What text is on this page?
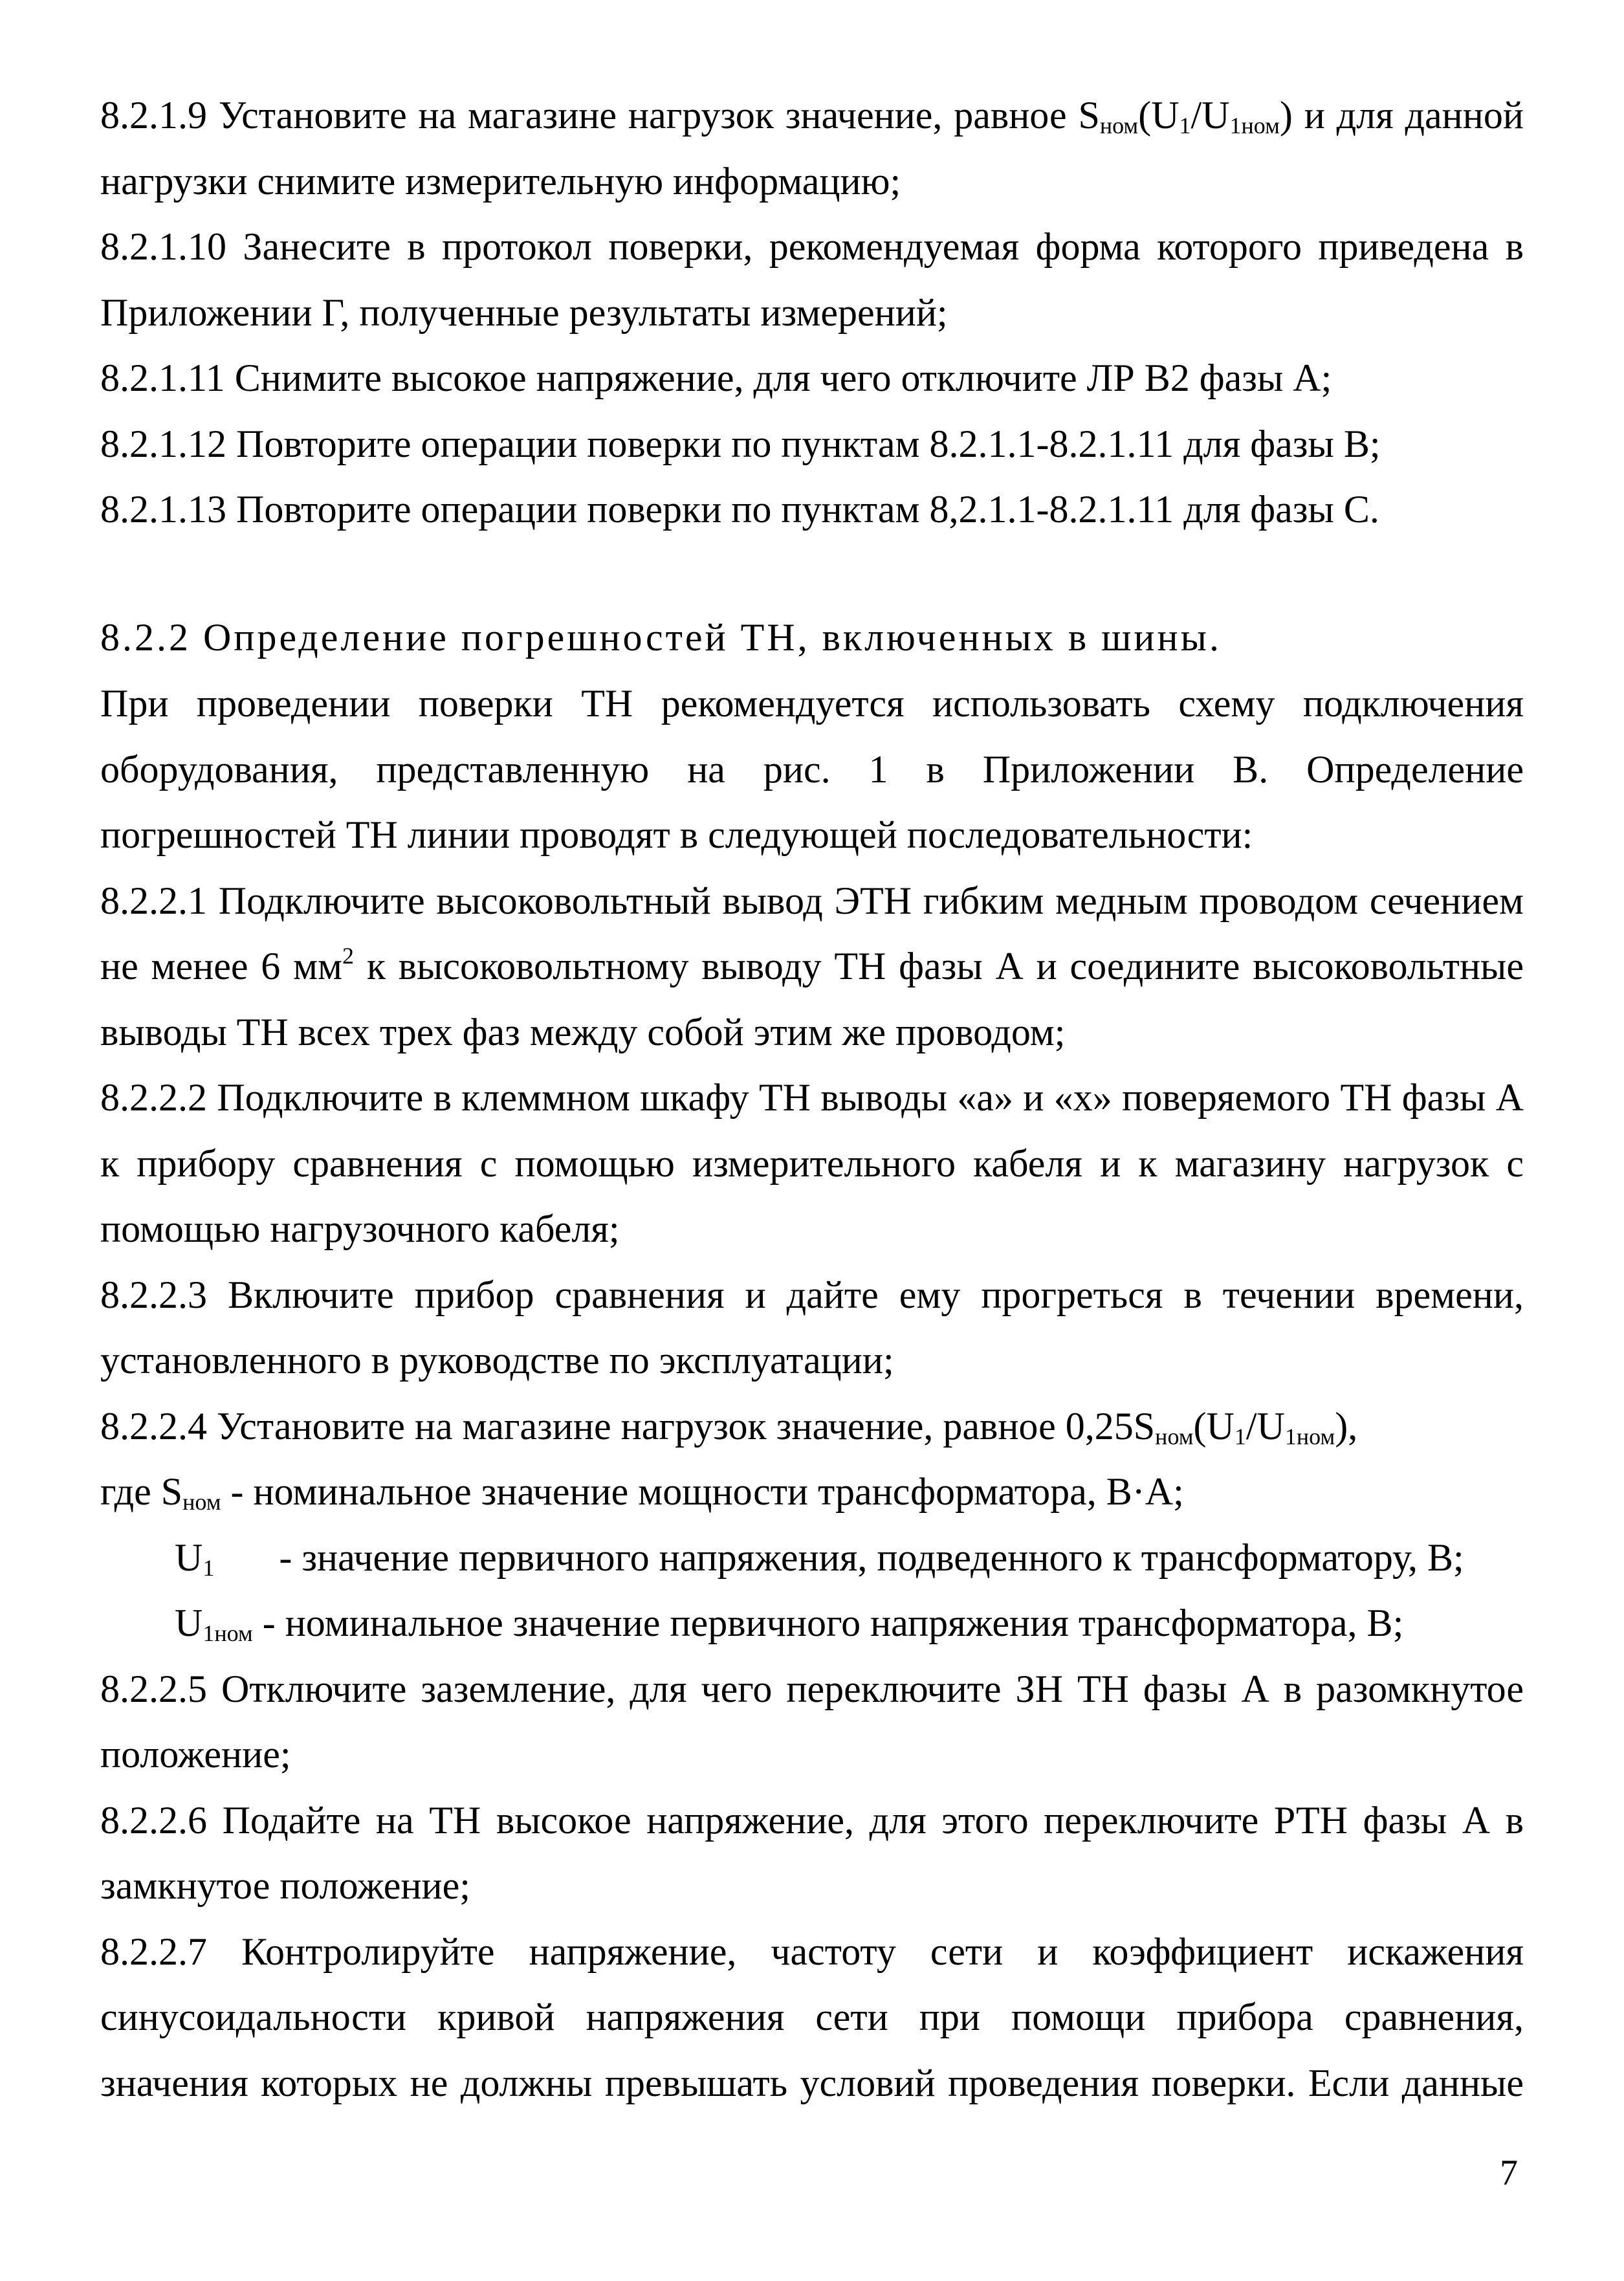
8.2.1.9 Установите на магазине нагрузок значение, равное $S_{ном}(U_1/U_{1ном})$ и для данной
нагрузки снимите измерительную информацию;
8.2.1.10 Занесите в протокол поверки, рекомендуемая форма которого приведена в
Приложении Г, полученные результаты измерений;
8.2.1.11 Снимите высокое напряжение, для чего отключите ЛР В2 фазы А;
8.2.1.12 Повторите операции поверки по пунктам 8.2.1.1-8.2.1.11 для фазы В;
8.2.1.13 Повторите операции поверки по пунктам 8,2.1.1-8.2.1.11 для фазы С.
8.2.2 Определение погрешностей ТН, включенных в шины.
При проведении поверки ТН рекомендуется использовать схему подключения
оборудования, представленную на рис. 1 в Приложении В. Определение
погрешностей ТН линии проводят в следующей последовательности:
8.2.2.1 Подключите высоковольтный вывод ЭТН гибким медным проводом сечением
не менее 6 $мм^2$ к высоковольтному выводу ТН фазы А и соедините высоковольтные
выводы ТН всех трех фаз между собой этим же проводом;
8.2.2.2 Подключите в клеммном шкафу ТН выводы «а» и «х» поверяемого ТН фазы А
к прибору сравнения с помощью измерительного кабеля и к магазину нагрузок с
помощью нагрузочного кабеля;
8.2.2.3 Включите прибор сравнения и дайте ему прогреться в течении времени,
установленного в руководстве по эксплуатации;
8.2.2.4 Установите на магазине нагрузок значение, равное $0,25S_{ном}(U_1/U_{1ном})$,
где $S_{ном}$ - номинальное значение мощности трансформатора, В·А;
$U_1$ - значение первичного напряжения, подведенного к трансформатору, В;
$U_{1ном}$ - номинальное значение первичного напряжения трансформатора, В;
8.2.2.5 Отключите заземление, для чего переключите ЗН ТН фазы А в разомкнутое
положение;
8.2.2.6 Подайте на ТН высокое напряжение, для этого переключите РТН фазы А в
замкнутое положение;
8.2.2.7 Контролируйте напряжение, частоту сети и коэффициент искажения
синусоидальности кривой напряжения сети при помощи прибора сравнения,
значения которых не должны превышать условий проведения поверки. Если данные
7
